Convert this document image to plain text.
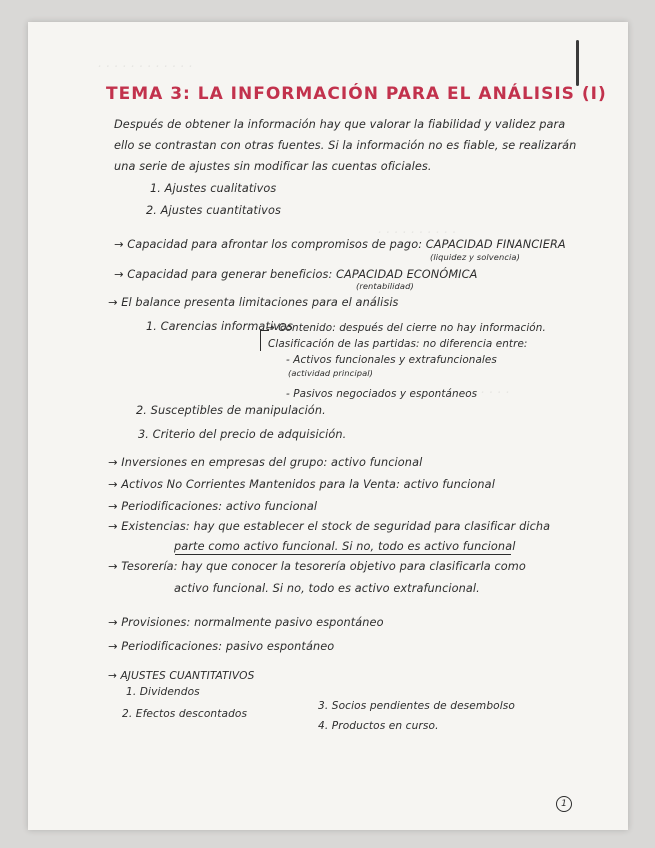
. . . . . . . . . . . .
. . . . . . . . . .
. . . . . . . .
TEMA 3: LA INFORMACIÓN PARA EL ANÁLISIS (I)
Después de obtener la información hay que valorar la fiabilidad y validez para
ello se contrastan con otras fuentes. Si la información no es fiable, se realizarán
una serie de ajustes sin modificar las cuentas oficiales.
1. Ajustes cualitativos
2. Ajustes cuantitativos
→ Capacidad para afrontar los compromisos de pago: CAPACIDAD FINANCIERA
(liquidez y solvencia)
→ Capacidad para generar beneficios: CAPACIDAD ECONÓMICA
(rentabilidad)
→ El balance presenta limitaciones para el análisis
1. Carencias informativas
→ Contenido: después del cierre no hay información.
Clasificación de las partidas: no diferencia entre:
- Activos funcionales y extrafuncionales
(actividad principal)
- Pasivos negociados y espontáneos
2. Susceptibles de manipulación.
3. Criterio del precio de adquisición.
→ Inversiones en empresas del grupo: activo funcional
→ Activos No Corrientes Mantenidos para la Venta: activo funcional
→ Periodificaciones: activo funcional
→ Existencias: hay que establecer el stock de seguridad para clasificar dicha
parte como activo funcional. Si no, todo es activo funcional
→ Tesorería: hay que conocer la tesorería objetivo para clasificarla como
activo funcional. Si no, todo es activo extrafuncional.
→ Provisiones: normalmente pasivo espontáneo
→ Periodificaciones: pasivo espontáneo
→ AJUSTES CUANTITATIVOS
1. Dividendos
2. Efectos descontados
3. Socios pendientes de desembolso
4. Productos en curso.
1
